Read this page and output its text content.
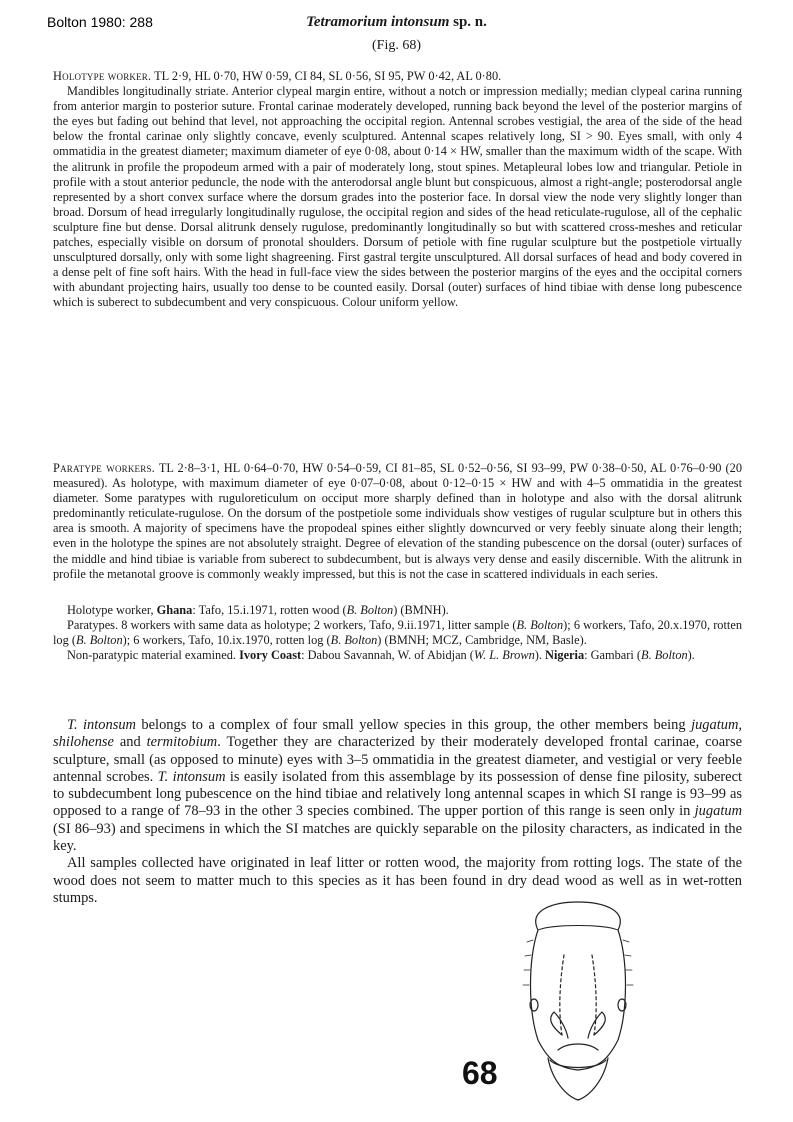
Bolton 1980: 288	Tetramorium intonsum sp. n.
(Fig. 68)

Holotype worker. TL 2·9, HL 0·70, HW 0·59, CI 84, SL 0·56, SI 95, PW 0·42, AL 0·80.

Mandibles longitudinally striate. Anterior clypeal margin entire, without a notch or impression medially; median clypeal carina running from anterior margin to posterior suture. Frontal carinae moderately developed, running back beyond the level of the posterior margins of the eyes but fading out behind that level, not approaching the occipital region. Antennal scrobes vestigial, the area of the side of the head below the frontal carinae only slightly concave, evenly sculptured. Antennal scapes relatively long, SI > 90. Eyes small, with only 4 ommatidia in the greatest diameter; maximum diameter of eye 0·08, about 0·14 × HW, smaller than the maximum width of the scape. With the alitrunk in profile the propodeum armed with a pair of moderately long, stout spines. Metapleural lobes low and triangular. Petiole in profile with a stout anterior peduncle, the node with the anterodorsal angle blunt but conspicuous, almost a right-angle; posterodorsal angle represented by a short convex surface where the dorsum grades into the posterior face. In dorsal view the node very slightly longer than broad. Dorsum of head irregularly longitudinally rugulose, the occipital region and sides of the head reticulate-rugulose, all of the cephalic sculpture fine but dense. Dorsal alitrunk densely rugulose, predominantly longitudinally so but with scattered cross-meshes and reticular patches, especially visible on dorsum of pronotal shoulders. Dorsum of petiole with fine rugular sculpture but the postpetiole virtually unsculptured dorsally, only with some light shagreening. First gastral tergite unsculptured. All dorsal surfaces of head and body covered in a dense pelt of fine soft hairs. With the head in full-face view the sides between the posterior margins of the eyes and the occipital corners with abundant projecting hairs, usually too dense to be counted easily. Dorsal (outer) surfaces of hind tibiae with dense long pubescence which is suberect to subdecumbent and very conspicuous. Colour uniform yellow.

Paratype workers. TL 2·8–3·1, HL 0·64–0·70, HW 0·54–0·59, CI 81–85, SL 0·52–0·56, SI 93–99, PW 0·38–0·50, AL 0·76–0·90 (20 measured). As holotype, with maximum diameter of eye 0·07–0·08, about 0·12–0·15 × HW and with 4–5 ommatidia in the greatest diameter. Some paratypes with ruguloreticulum on occiput more sharply defined than in holotype and also with the dorsal alitrunk predominantly reticulate-rugulose. On the dorsum of the postpetiole some individuals show vestiges of rugular sculpture but in others this area is smooth. A majority of specimens have the propodeal spines either slightly downcurved or very feebly sinuate along their length; even in the holotype the spines are not absolutely straight. Degree of elevation of the standing pubescence on the dorsal (outer) surfaces of the middle and hind tibiae is variable from suberect to subdecumbent, but is always very dense and easily discernible. With the alitrunk in profile the metanotal groove is commonly weakly impressed, but this is not the case in scattered individuals in each series.

Holotype worker, Ghana: Tafo, 15.i.1971, rotten wood (B. Bolton) (BMNH).

Paratypes. 8 workers with same data as holotype; 2 workers, Tafo, 9.ii.1971, litter sample (B. Bolton); 6 workers, Tafo, 20.x.1970, rotten log (B. Bolton); 6 workers, Tafo, 10.ix.1970, rotten log (B. Bolton) (BMNH; MCZ, Cambridge, NM, Basle).

Non-paratypic material examined. Ivory Coast: Dabou Savannah, W. of Abidjan (W. L. Brown). Nigeria: Gambari (B. Bolton).

T. intonsum belongs to a complex of four small yellow species in this group, the other members being jugatum, shilohense and termitobium. Together they are characterized by their moderately developed frontal carinae, coarse sculpture, small (as opposed to minute) eyes with 3–5 ommatidia in the greatest diameter, and vestigial or very feeble antennal scrobes. T. intonsum is easily isolated from this assemblage by its possession of dense fine pilosity, suberect to subdecumbent long pubescence on the hind tibiae and relatively long antennal scapes in which SI range is 93–99 as opposed to a range of 78–93 in the other 3 species combined. The upper portion of this range is seen only in jugatum (SI 86–93) and specimens in which the SI matches are quickly separable on the pilosity characters, as indicated in the key.

All samples collected have originated in leaf litter or rotten wood, the majority from rotting logs. The state of the wood does not seem to matter much to this species as it has been found in dry dead wood as well as in wet-rotten stumps.

68
